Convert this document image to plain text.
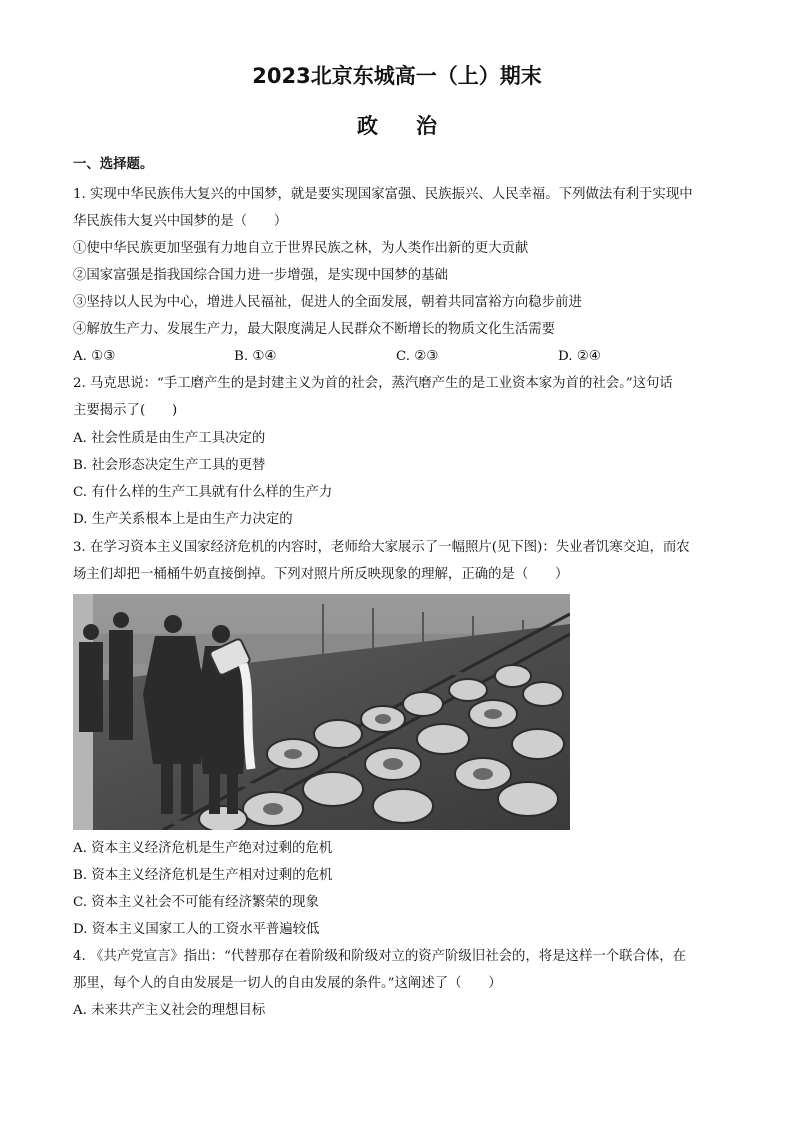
2023北京东城高一（上）期末
政治
一、选择题。
1. 实现中华民族伟大复兴的中国梦，就是要实现国家富强、民族振兴、人民幸福。下列做法有利于实现中
华民族伟大复兴中国梦的是（　　）
①使中华民族更加坚强有力地自立于世界民族之林，为人类作出新的更大贡献
②国家富强是指我国综合国力进一步增强，是实现中国梦的基础
③坚持以人民为中心，增进人民福祉，促进人的全面发展，朝着共同富裕方向稳步前进
④解放生产力、发展生产力，最大限度满足人民群众不断增长的物质文化生活需要
A. ①③	B. ①④	C. ②③	D. ②④
2. 马克思说：“手工磨产生的是封建主义为首的社会，蒸汽磨产生的是工业资本家为首的社会。”这句话
主要揭示了(　　)
A. 社会性质是由生产工具决定的
B. 社会形态决定生产工具的更替
C. 有什么样的生产工具就有什么样的生产力
D. 生产关系根本上是由生产力决定的
3. 在学习资本主义国家经济危机的内容时，老师给大家展示了一幅照片(见下图)：失业者饥寒交迫，而农
场主们却把一桶桶牛奶直接倒掉。下列对照片所反映现象的理解，正确的是（　　）
A. 资本主义经济危机是生产绝对过剩的危机
B. 资本主义经济危机是生产相对过剩的危机
C. 资本主义社会不可能有经济繁荣的现象
D. 资本主义国家工人的工资水平普遍较低
4. 《共产党宣言》指出：“代替那存在着阶级和阶级对立的资产阶级旧社会的，将是这样一个联合体，在
那里，每个人的自由发展是一切人的自由发展的条件。”这阐述了（　　）
A. 未来共产主义社会的理想目标
